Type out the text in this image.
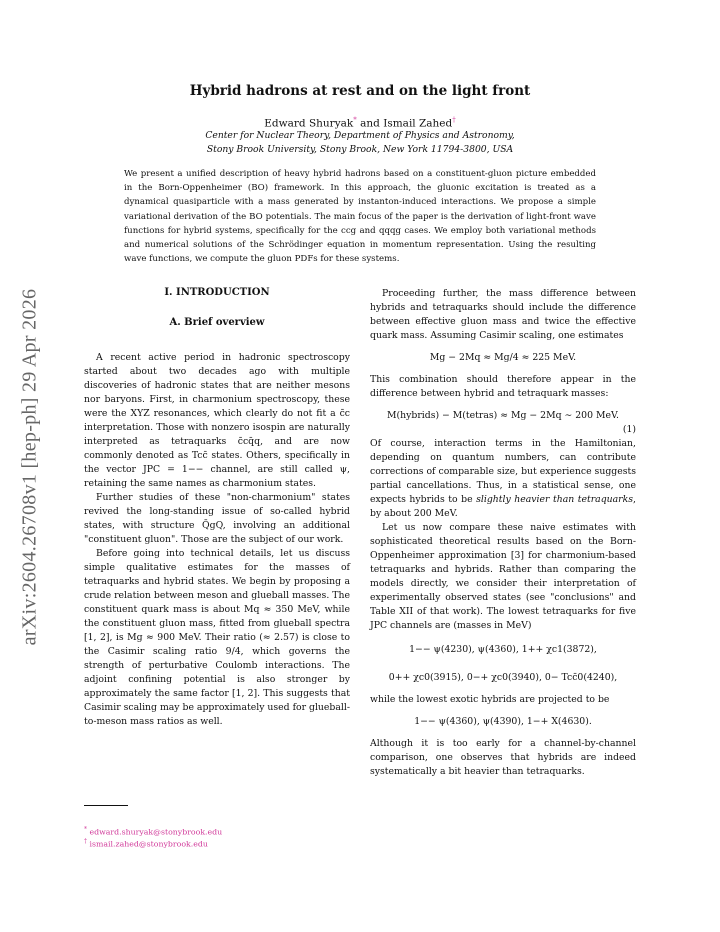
arXiv:2604.26708v1 [hep-ph] 29 Apr 2026
Hybrid hadrons at rest and on the light front
Edward Shuryak* and Ismail Zahed†
Center for Nuclear Theory, Department of Physics and Astronomy,
Stony Brook University, Stony Brook, New York 11794-3800, USA
We present a unified description of heavy hybrid hadrons based on a constituent-gluon picture embedded in the Born-Oppenheimer (BO) framework. In this approach, the gluonic excitation is treated as a dynamical quasiparticle with a mass generated by instanton-induced interactions. We propose a simple variational derivation of the BO potentials. The main focus of the paper is the derivation of light-front wave functions for hybrid systems, specifically for the ccg and qqqg cases. We employ both variational methods and numerical solutions of the Schrödinger equation in momentum representation. Using the resulting wave functions, we compute the gluon PDFs for these systems.
I. INTRODUCTION
A. Brief overview

A recent active period in hadronic spectroscopy started about two decades ago with multiple discoveries of hadronic states that are neither mesons nor baryons. First, in charmonium spectroscopy, these were the XYZ resonances, which clearly do not fit a c̄c interpretation. Those with nonzero isospin are naturally interpreted as tetraquarks c̄cq̄q, and are now commonly denoted as Tcc̄ states. Others, specifically in the vector JPC = 1−− channel, are still called ψ, retaining the same names as charmonium states.

Further studies of these "non-charmonium" states revived the long-standing issue of so-called hybrid states, with structure Q̄gQ, involving an additional "constituent gluon". Those are the subject of our work.

Before going into technical details, let us discuss simple qualitative estimates for the masses of tetraquarks and hybrid states. We begin by proposing a crude relation between meson and glueball masses. The constituent quark mass is about Mq ≈ 350 MeV, while the constituent gluon mass, fitted from glueball spectra [1, 2], is Mg ≈ 900 MeV. Their ratio (≈ 2.57) is close to the Casimir scaling ratio 9/4, which governs the strength of perturbative Coulomb interactions. The adjoint confining potential is also stronger by approximately the same factor [1, 2]. This suggests that Casimir scaling may be approximately used for glueball-to-meson mass ratios as well.

Proceeding further, the mass difference between hybrids and tetraquarks should include the difference between effective gluon mass and twice the effective quark mass. Assuming Casimir scaling, one estimates

Mg − 2Mq ≈ Mg/4 ≈ 225 MeV.

This combination should therefore appear in the difference between hybrid and tetraquark masses:

M(hybrids) − M(tetras) ≈ Mg − 2Mq ∼ 200 MeV.
(1)

Of course, interaction terms in the Hamiltonian, depending on quantum numbers, can contribute corrections of comparable size, but experience suggests partial cancellations. Thus, in a statistical sense, one expects hybrids to be slightly heavier than tetraquarks, by about 200 MeV.

Let us now compare these naive estimates with sophisticated theoretical results based on the Born-Oppenheimer approximation [3] for charmonium-based tetraquarks and hybrids. Rather than comparing the models directly, we consider their interpretation of experimentally observed states (see "conclusions" and Table XII of that work). The lowest tetraquarks for five JPC channels are (masses in MeV)

1−− ψ(4230), ψ(4360), 1++ χc1(3872),
0++ χc0(3915), 0−+ χc0(3940), 0− Tcc̄0(4240),

while the lowest exotic hybrids are projected to be

1−− ψ(4360), ψ(4390), 1−+ X(4630).

Although it is too early for a channel-by-channel comparison, one observes that hybrids are indeed systematically a bit heavier than tetraquarks.

* edward.shuryak@stonybrook.edu
† ismail.zahed@stonybrook.edu
